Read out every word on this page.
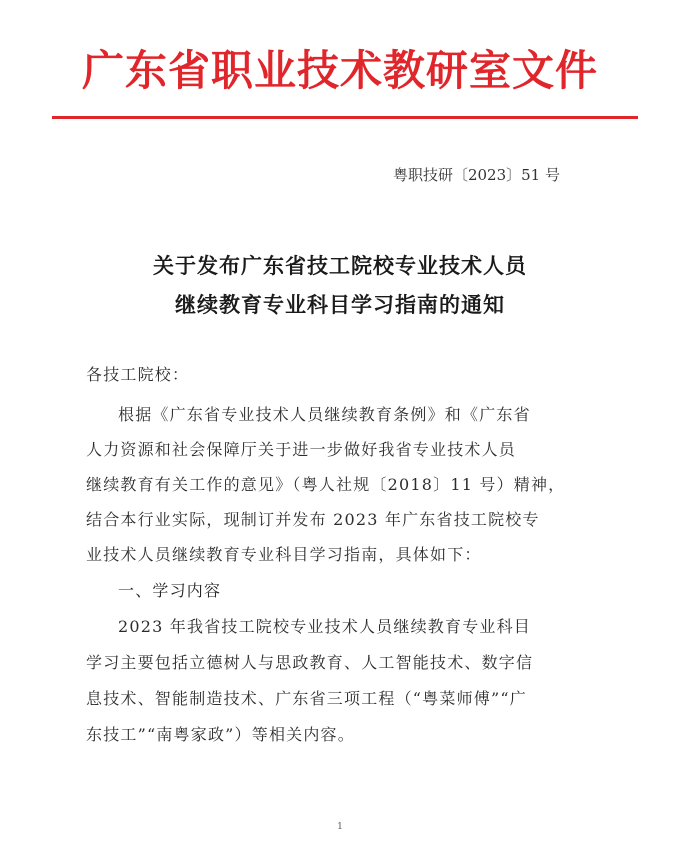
广东省职业技术教研室文件
粤职技研〔2023〕51 号
关于发布广东省技工院校专业技术人员
继续教育专业科目学习指南的通知
各技工院校：
根据《广东省专业技术人员继续教育条例》和《广东省
人力资源和社会保障厅关于进一步做好我省专业技术人员
继续教育有关工作的意见》（粤人社规〔2018〕11 号）精神，
结合本行业实际，现制订并发布 2023 年广东省技工院校专
业技术人员继续教育专业科目学习指南，具体如下：
一、学习内容
2023 年我省技工院校专业技术人员继续教育专业科目
学习主要包括立德树人与思政教育、人工智能技术、数字信
息技术、智能制造技术、广东省三项工程（“粤菜师傅”“广
东技工”“南粤家政”）等相关内容。
1
